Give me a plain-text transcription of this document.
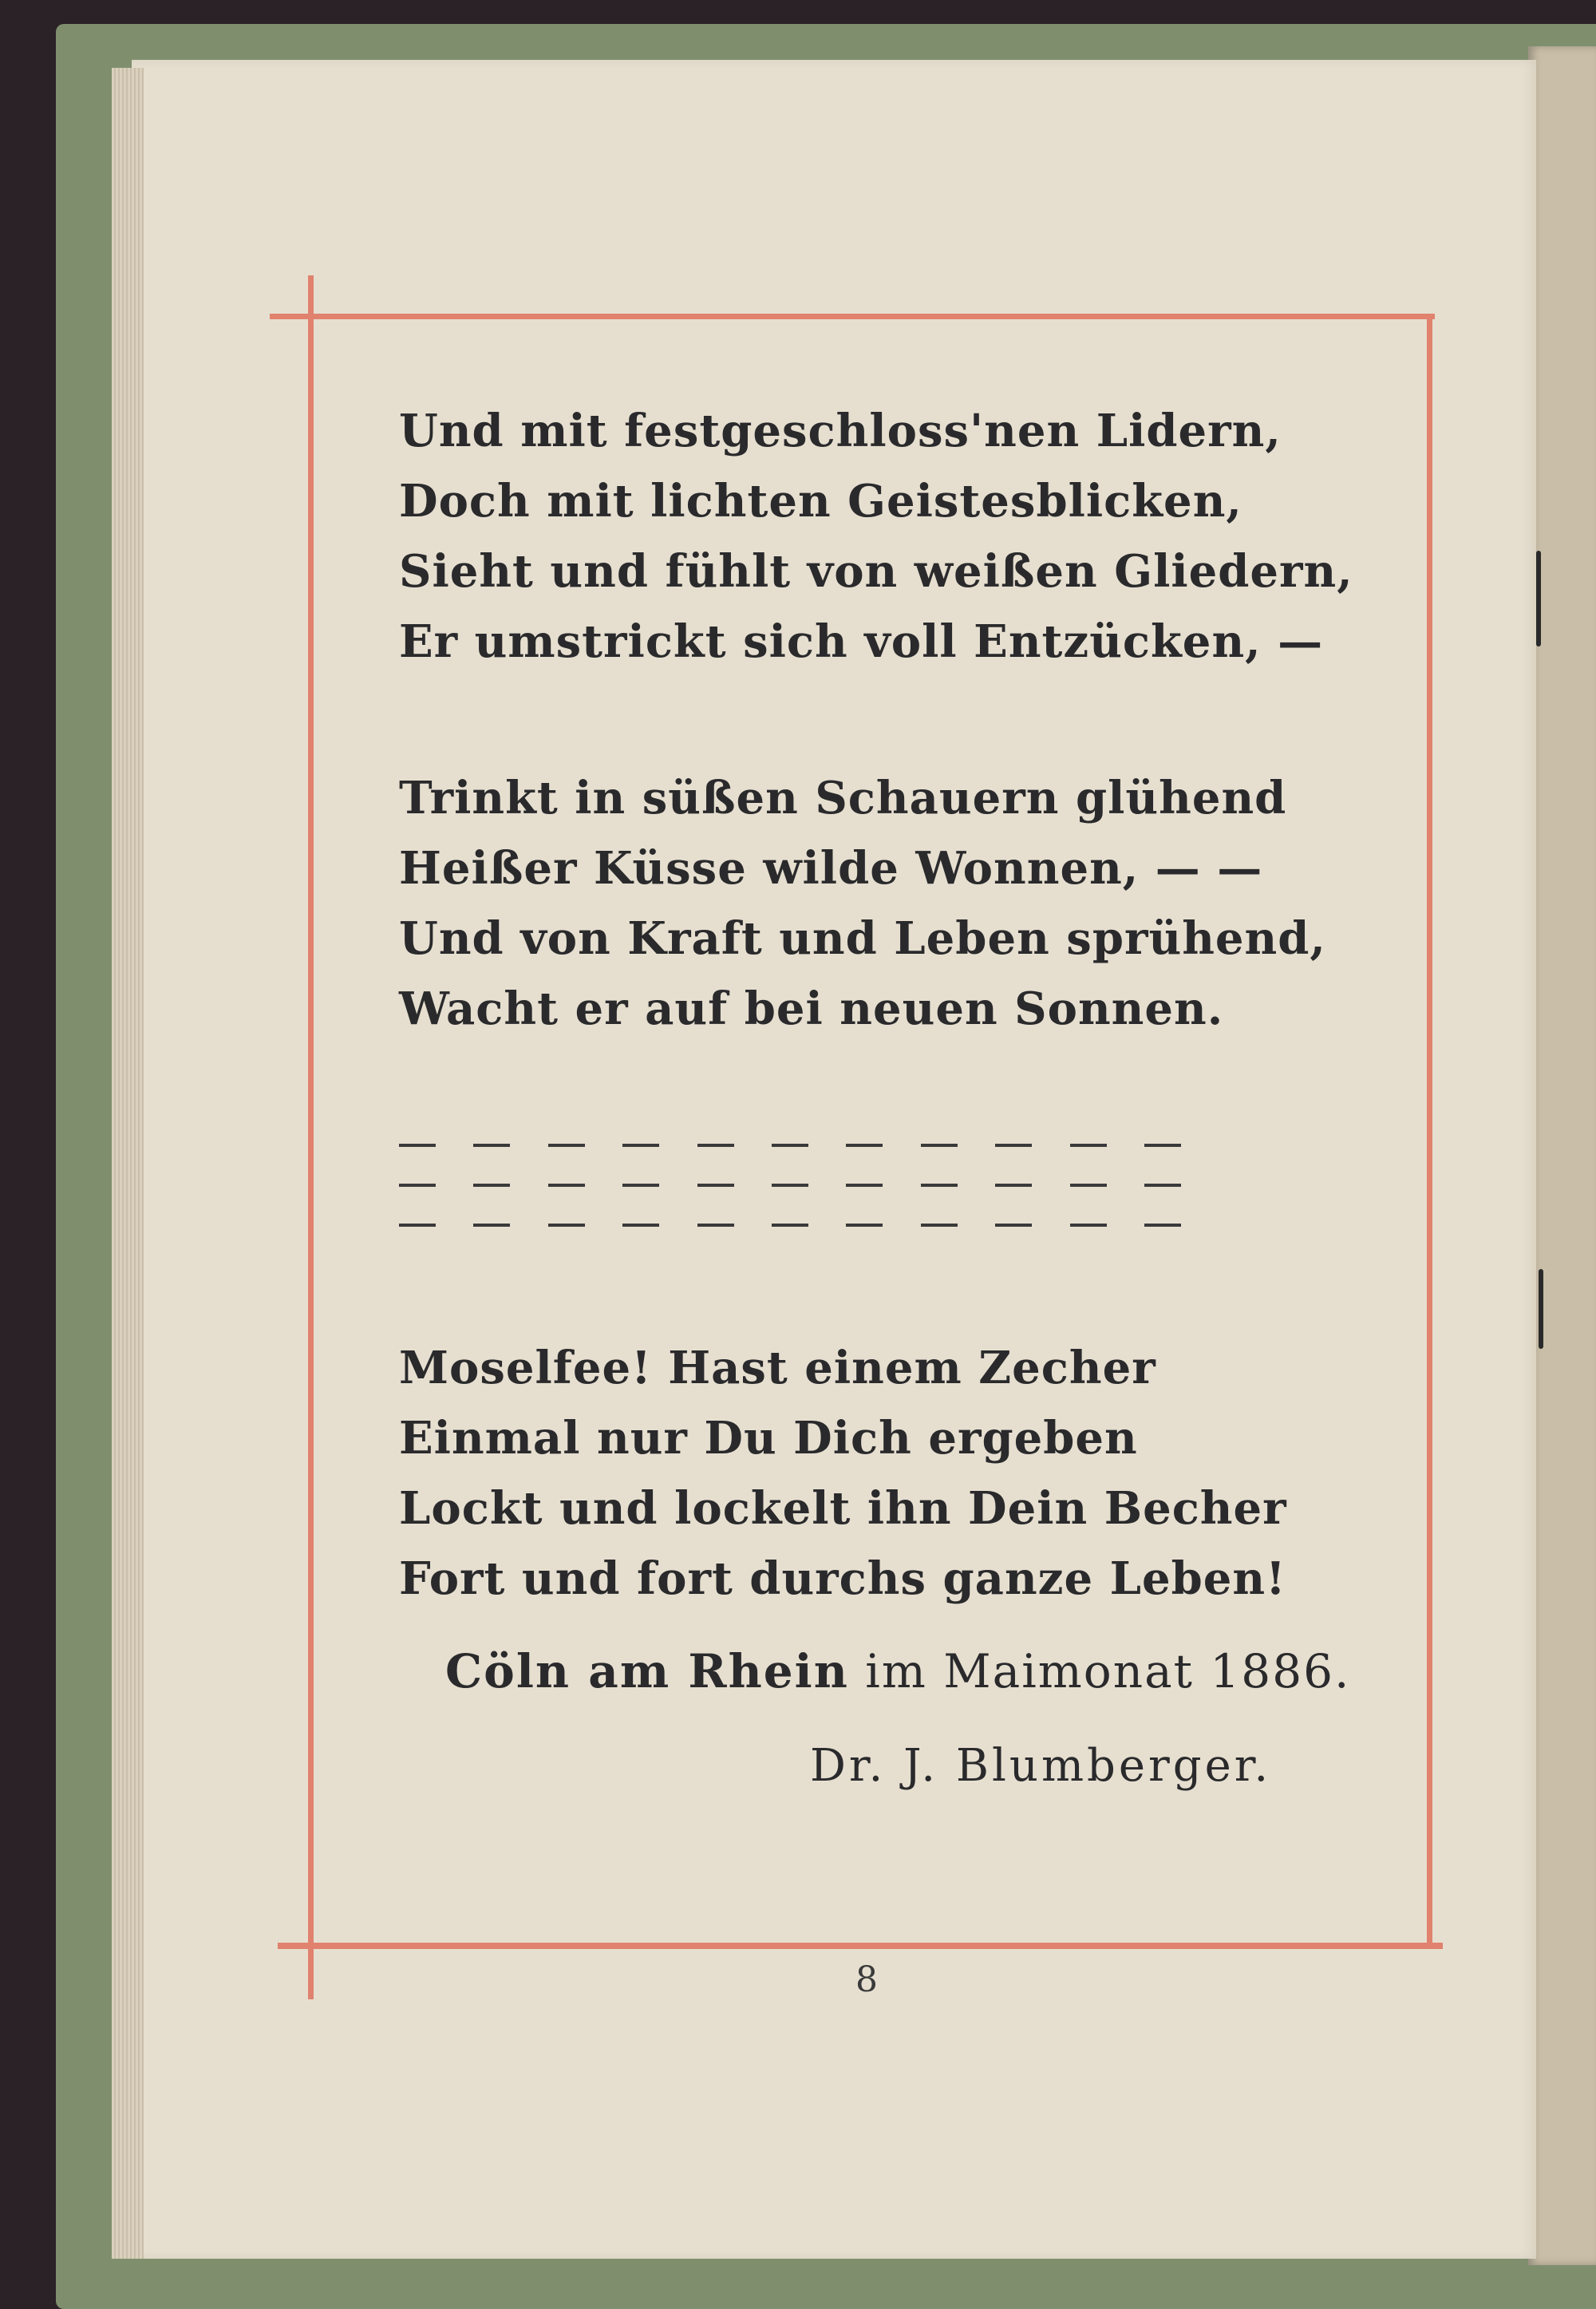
Und mit festgeschloss'nen Lidern,
Doch mit lichten Geistesblicken,
Sieht und fühlt von weißen Gliedern,
Er umstrickt sich voll Entzücken, —
Trinkt in süßen Schauern glühend
Heißer Küsse wilde Wonnen, — —
Und von Kraft und Leben sprühend,
Wacht er auf bei neuen Sonnen.
Moselfee! Hast einem Zecher
Einmal nur Du Dich ergeben
Lockt und lockelt ihn Dein Becher
Fort und fort durchs ganze Leben!
Cöln am Rhein im Maimonat 1886.
Dr. J. Blumberger.
8
